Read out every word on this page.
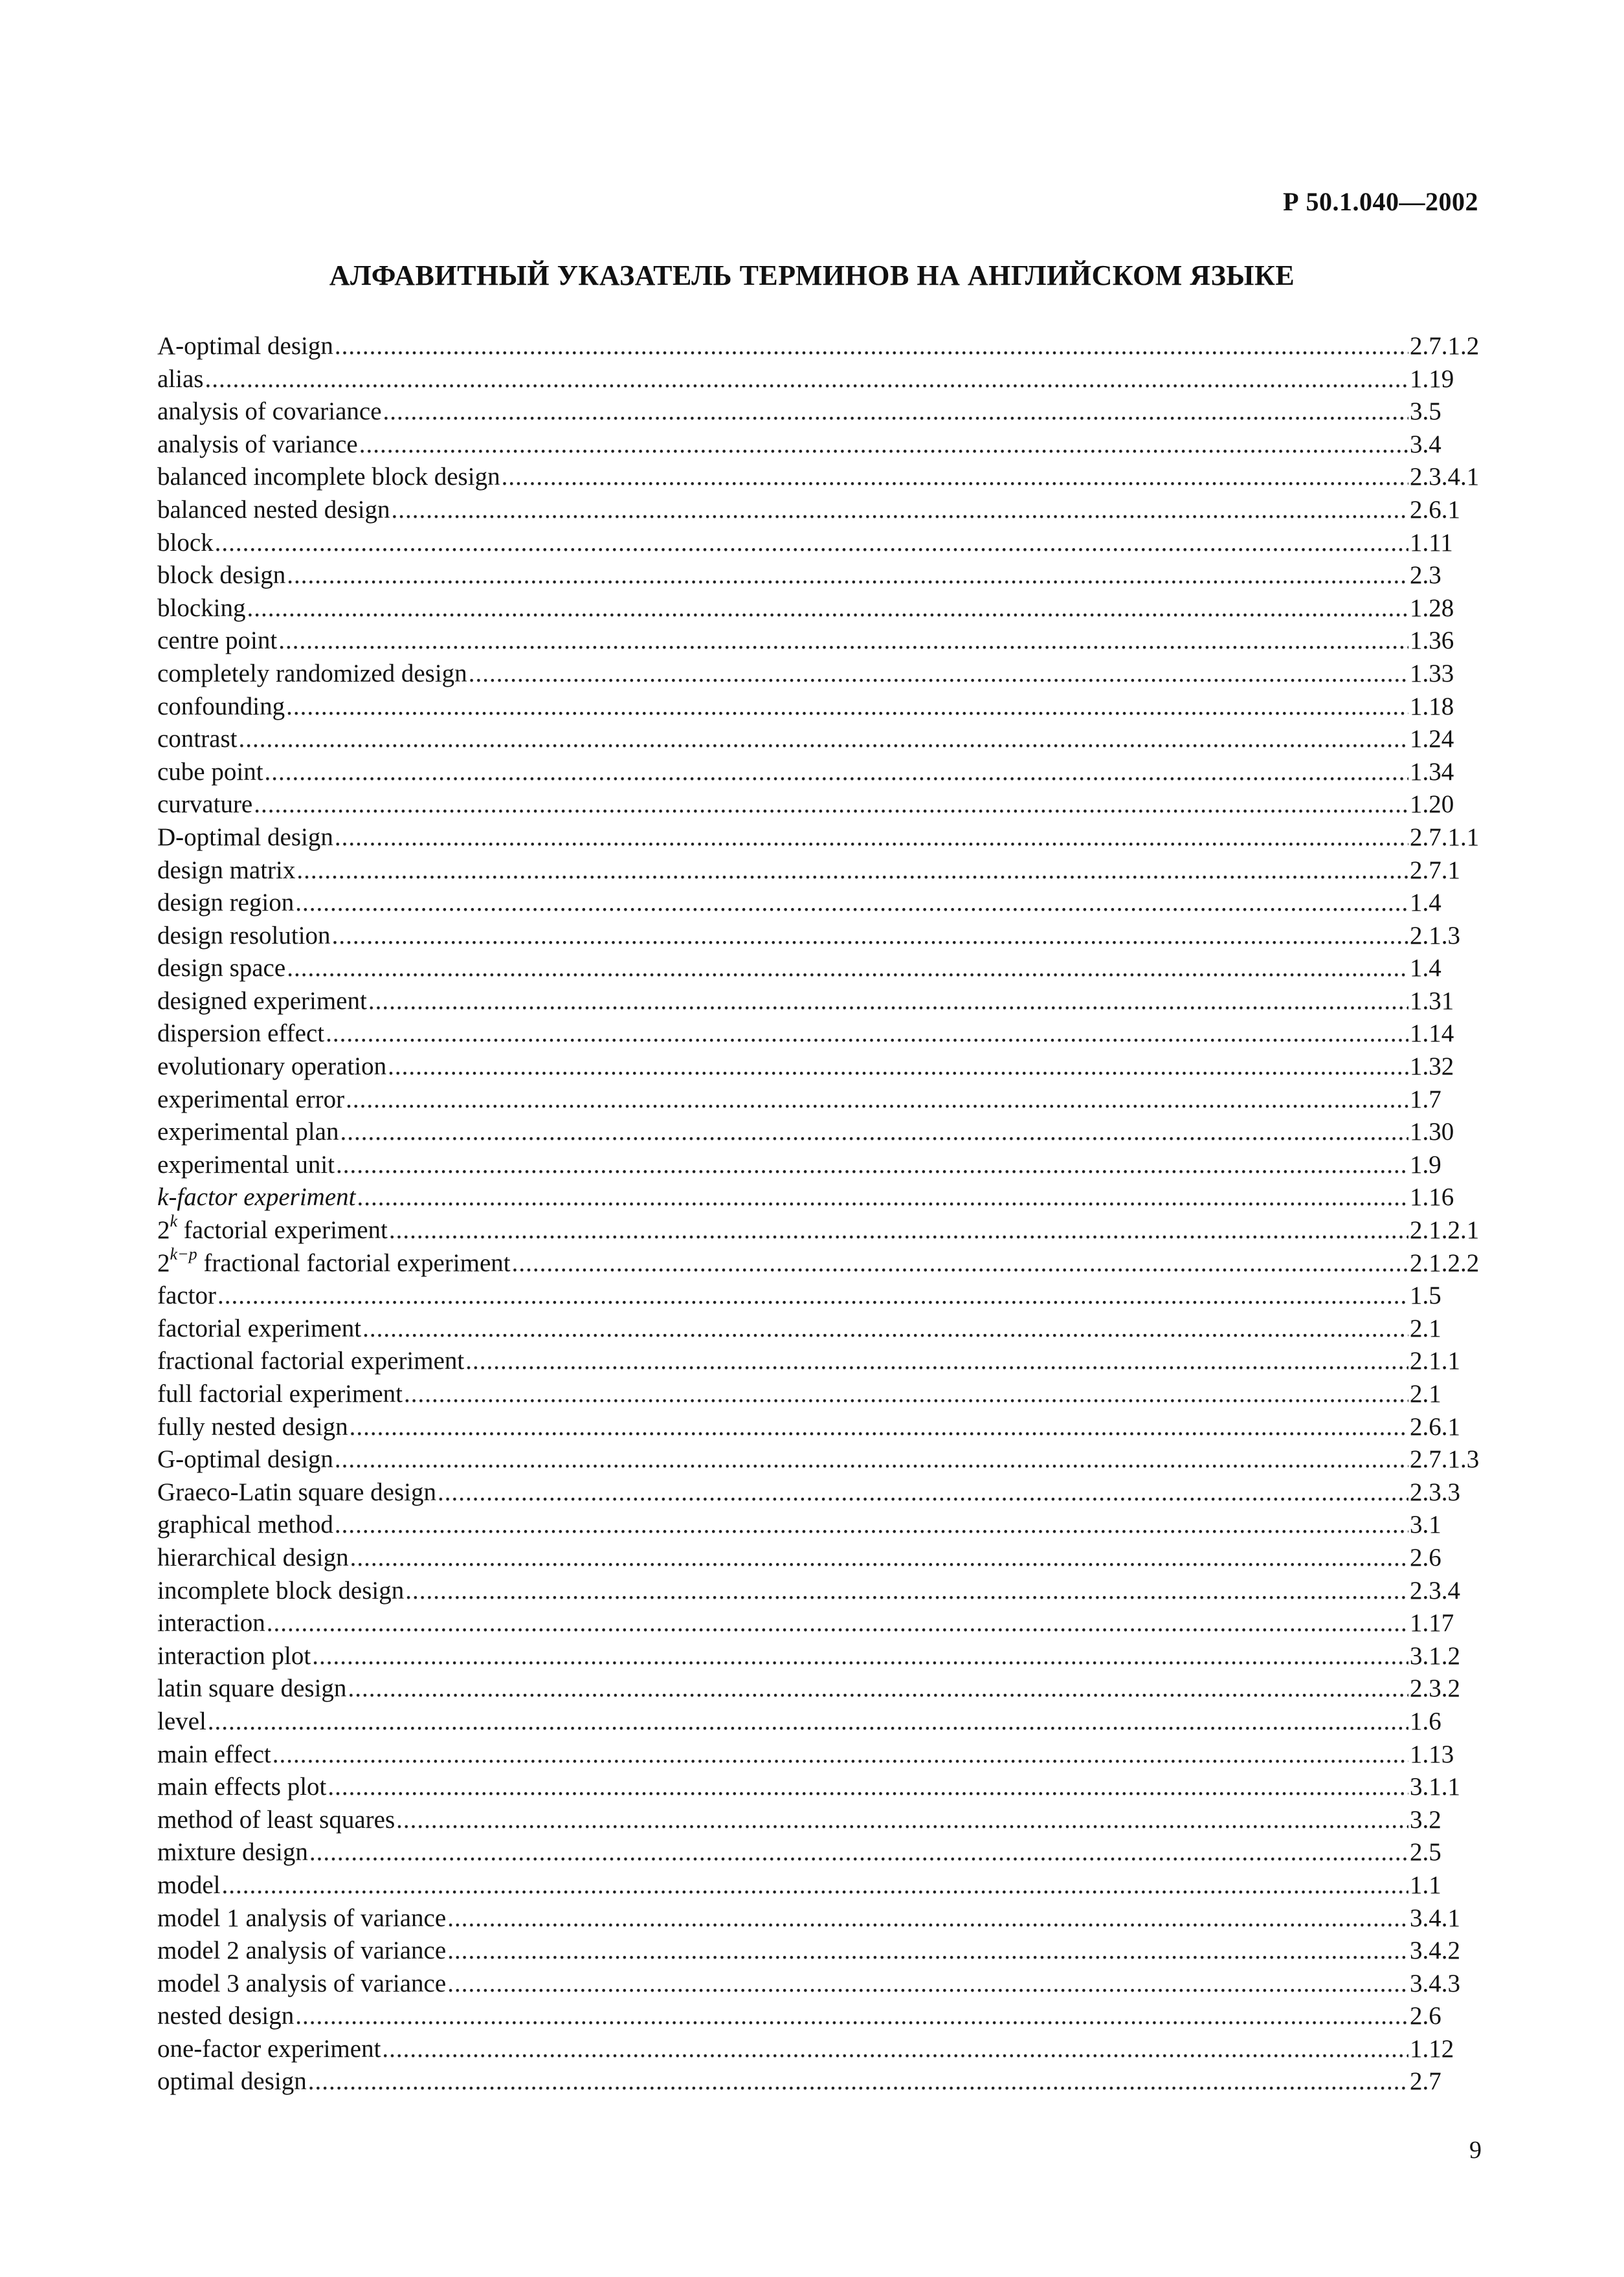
Р 50.1.040—2002
АЛФАВИТНЫЙ УКАЗАТЕЛЬ ТЕРМИНОВ НА АНГЛИЙСКОМ ЯЗЫКЕ
A-optimal design .....	2.7.1.2
alias .....	1.19
analysis of covariance .....	3.5
analysis of variance .....	3.4
balanced incomplete block design .....	2.3.4.1
balanced nested design .....	2.6.1
block .....	1.11
block design .....	2.3
blocking .....	1.28
centre point .....	1.36
completely randomized design .....	1.33
confounding .....	1.18
contrast .....	1.24
cube point .....	1.34
curvature .....	1.20
D-optimal design .....	2.7.1.1
design matrix .....	2.7.1
design region .....	1.4
design resolution .....	2.1.3
design space .....	1.4
designed experiment .....	1.31
dispersion effect .....	1.14
evolutionary operation .....	1.32
experimental error .....	1.7
experimental plan .....	1.30
experimental unit .....	1.9
k-factor experiment .....	1.16
2$^k$ factorial experiment .....	2.1.2.1
$2^{k-p}$ fractional factorial experiment .....	2.1.2.2
factor .....	1.5
factorial experiment .....	2.1
fractional factorial experiment .....	2.1.1
full factorial experiment .....	2.1
fully nested design .....	2.6.1
G-optimal design .....	2.7.1.3
Graeco-Latin square design .....	2.3.3
graphical method .....	3.1
hierarchical design .....	2.6
incomplete block design .....	2.3.4
interaction .....	1.17
interaction plot .....	3.1.2
latin square design .....	2.3.2
level .....	1.6
main effect .....	1.13
main effects plot .....	3.1.1
method of least squares .....	3.2
mixture design .....	2.5
model .....	1.1
model 1 analysis of variance .....	3.4.1
model 2 analysis of variance .....	3.4.2
model 3 analysis of variance .....	3.4.3
nested design .....	2.6
one-factor experiment .....	1.12
optimal design .....	2.7
9
